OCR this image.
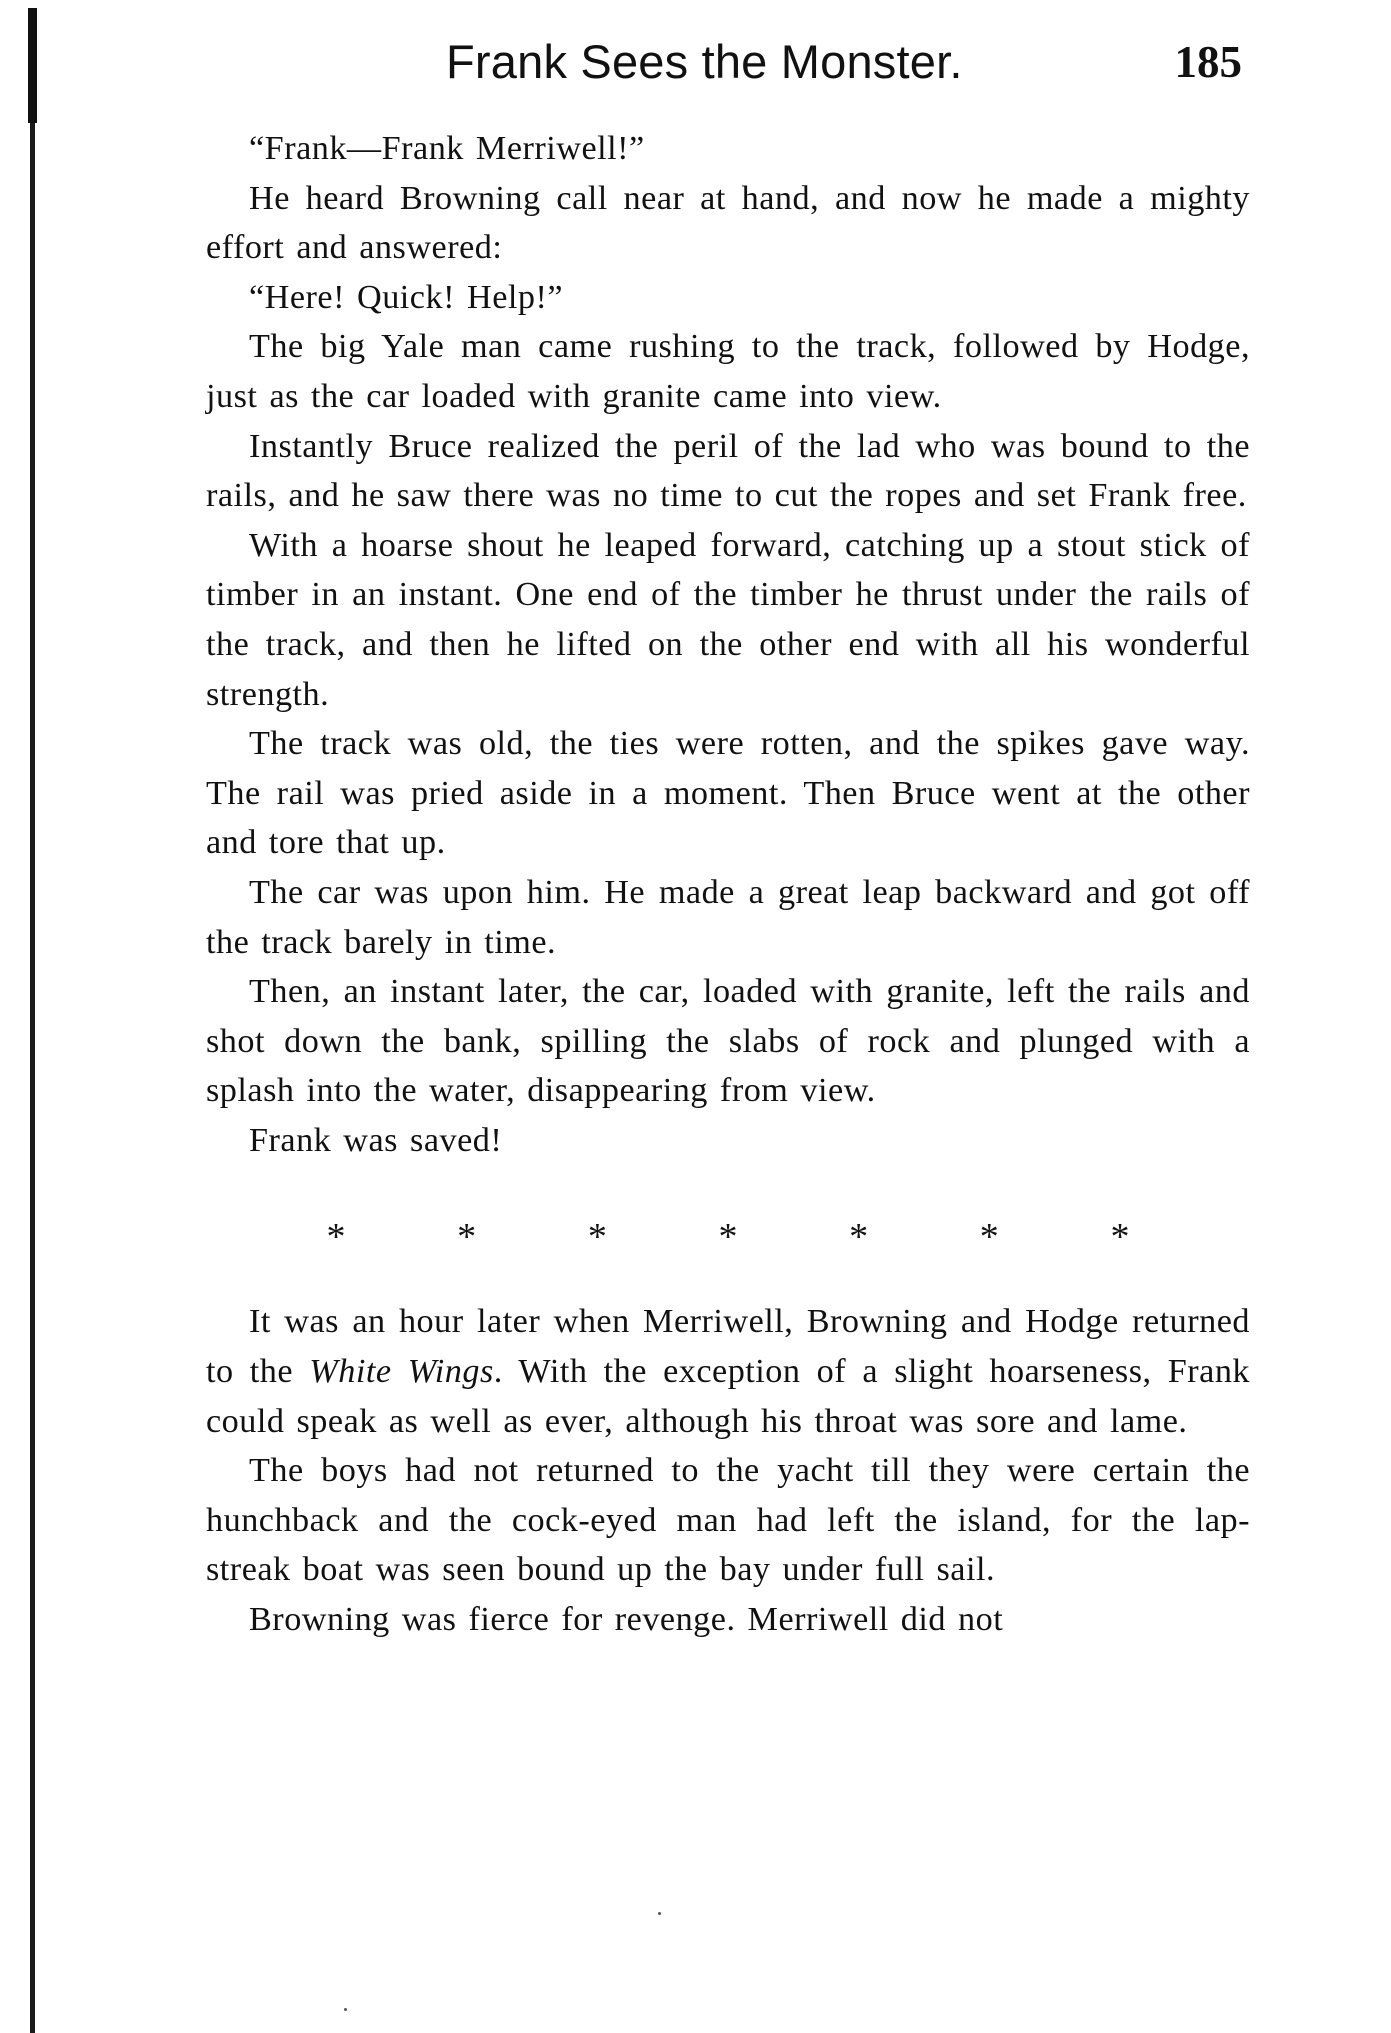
Frank Sees the Monster.	185

“Frank—Frank Merriwell!”

He heard Browning call near at hand, and now he made a mighty effort and answered:

“Here! Quick! Help!”

The big Yale man came rushing to the track, followed by Hodge, just as the car loaded with granite came into view.

Instantly Bruce realized the peril of the lad who was bound to the rails, and he saw there was no time to cut the ropes and set Frank free.

With a hoarse shout he leaped forward, catching up a stout stick of timber in an instant. One end of the timber he thrust under the rails of the track, and then he lifted on the other end with all his wonderful strength.

The track was old, the ties were rotten, and the spikes gave way. The rail was pried aside in a moment. Then Bruce went at the other and tore that up.

The car was upon him. He made a great leap backward and got off the track barely in time.

Then, an instant later, the car, loaded with granite, left the rails and shot down the bank, spilling the slabs of rock and plunged with a splash into the water, disappearing from view.

Frank was saved!

*	*	*	*	*	*	*

It was an hour later when Merriwell, Browning and Hodge returned to the White Wings. With the exception of a slight hoarseness, Frank could speak as well as ever, although his throat was sore and lame.

The boys had not returned to the yacht till they were certain the hunchback and the cock-eyed man had left the island, for the lap-streak boat was seen bound up the bay under full sail.

Browning was fierce for revenge. Merriwell did not
